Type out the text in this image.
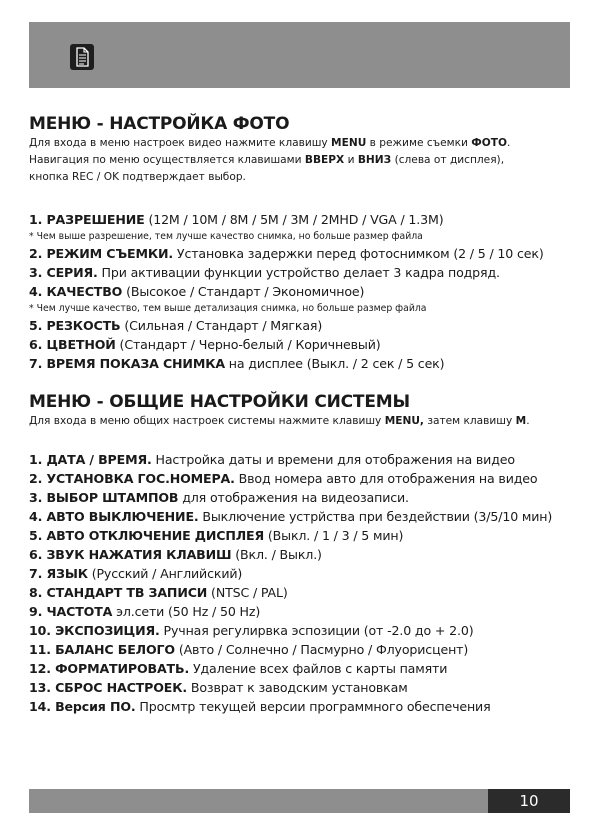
МЕНЮ - НАСТРОЙКА ФОТО

Для входа в меню настроек видео нажмите клавишу MENU в режиме съемки ФОТО.

Навигация по меню осуществляется клавишами ВВЕРХ и ВНИЗ (слева от дисплея),

кнопка REC / OK подтверждает выбор.

1. РАЗРЕШЕНИЕ (12M / 10M / 8M / 5M / 3M / 2MHD / VGA / 1.3M)
* Чем выше разрешение, тем лучше качество снимка, но больше размер файла
2. РЕЖИМ СЪЕМКИ. Установка задержки перед фотоснимком (2 / 5 / 10 сек)
3. СЕРИЯ. При активации функции устройство делает 3 кадра подряд.
4. КАЧЕСТВО (Высокое / Стандарт / Экономичное)
* Чем лучше качество, тем выше детализация снимка, но больше размер файла
5. РЕЗКОСТЬ (Сильная / Стандарт / Мягкая)
6. ЦВЕТНОЙ (Стандарт / Черно-белый / Коричневый)
7. ВРЕМЯ ПОКАЗА СНИМКА на дисплее (Выкл. / 2 сек / 5 сек)
МЕНЮ - ОБЩИЕ НАСТРОЙКИ СИСТЕМЫ

Для входа в меню общих настроек системы нажмите клавишу MENU, затем клавишу M.

1. ДАТА / ВРЕМЯ. Настройка даты и времени для отображения на видео
2. УСТАНОВКА ГОС.НОМЕРА. Ввод номера авто для отображения на видео
3. ВЫБОР ШТАМПОВ для отображения на видеозаписи.
4. АВТО ВЫКЛЮЧЕНИЕ. Выключение устрйства при бездействии (3/5/10 мин)
5. АВТО ОТКЛЮЧЕНИЕ ДИСПЛЕЯ (Выкл. / 1 / 3 / 5 мин)
6. ЗВУК НАЖАТИЯ КЛАВИШ (Вкл. / Выкл.)
7. ЯЗЫК (Русский / Английский)
8. СТАНДАРТ ТВ ЗАПИСИ (NTSC / PAL)
9. ЧАСТОТА эл.сети (50 Hz / 50 Hz)
10. ЭКСПОЗИЦИЯ. Ручная регулирвка эспозиции (от -2.0 до + 2.0)
11. БАЛАНС БЕЛОГО (Авто / Солнечно / Пасмурно / Флуорисцент)
12. ФОРМАТИРОВАТЬ. Удаление всех файлов с карты памяти
13. СБРОС НАСТРОЕК. Возврат к заводским установкам
14. Версия ПО. Просмтр текущей версии программного обеспечения
10
